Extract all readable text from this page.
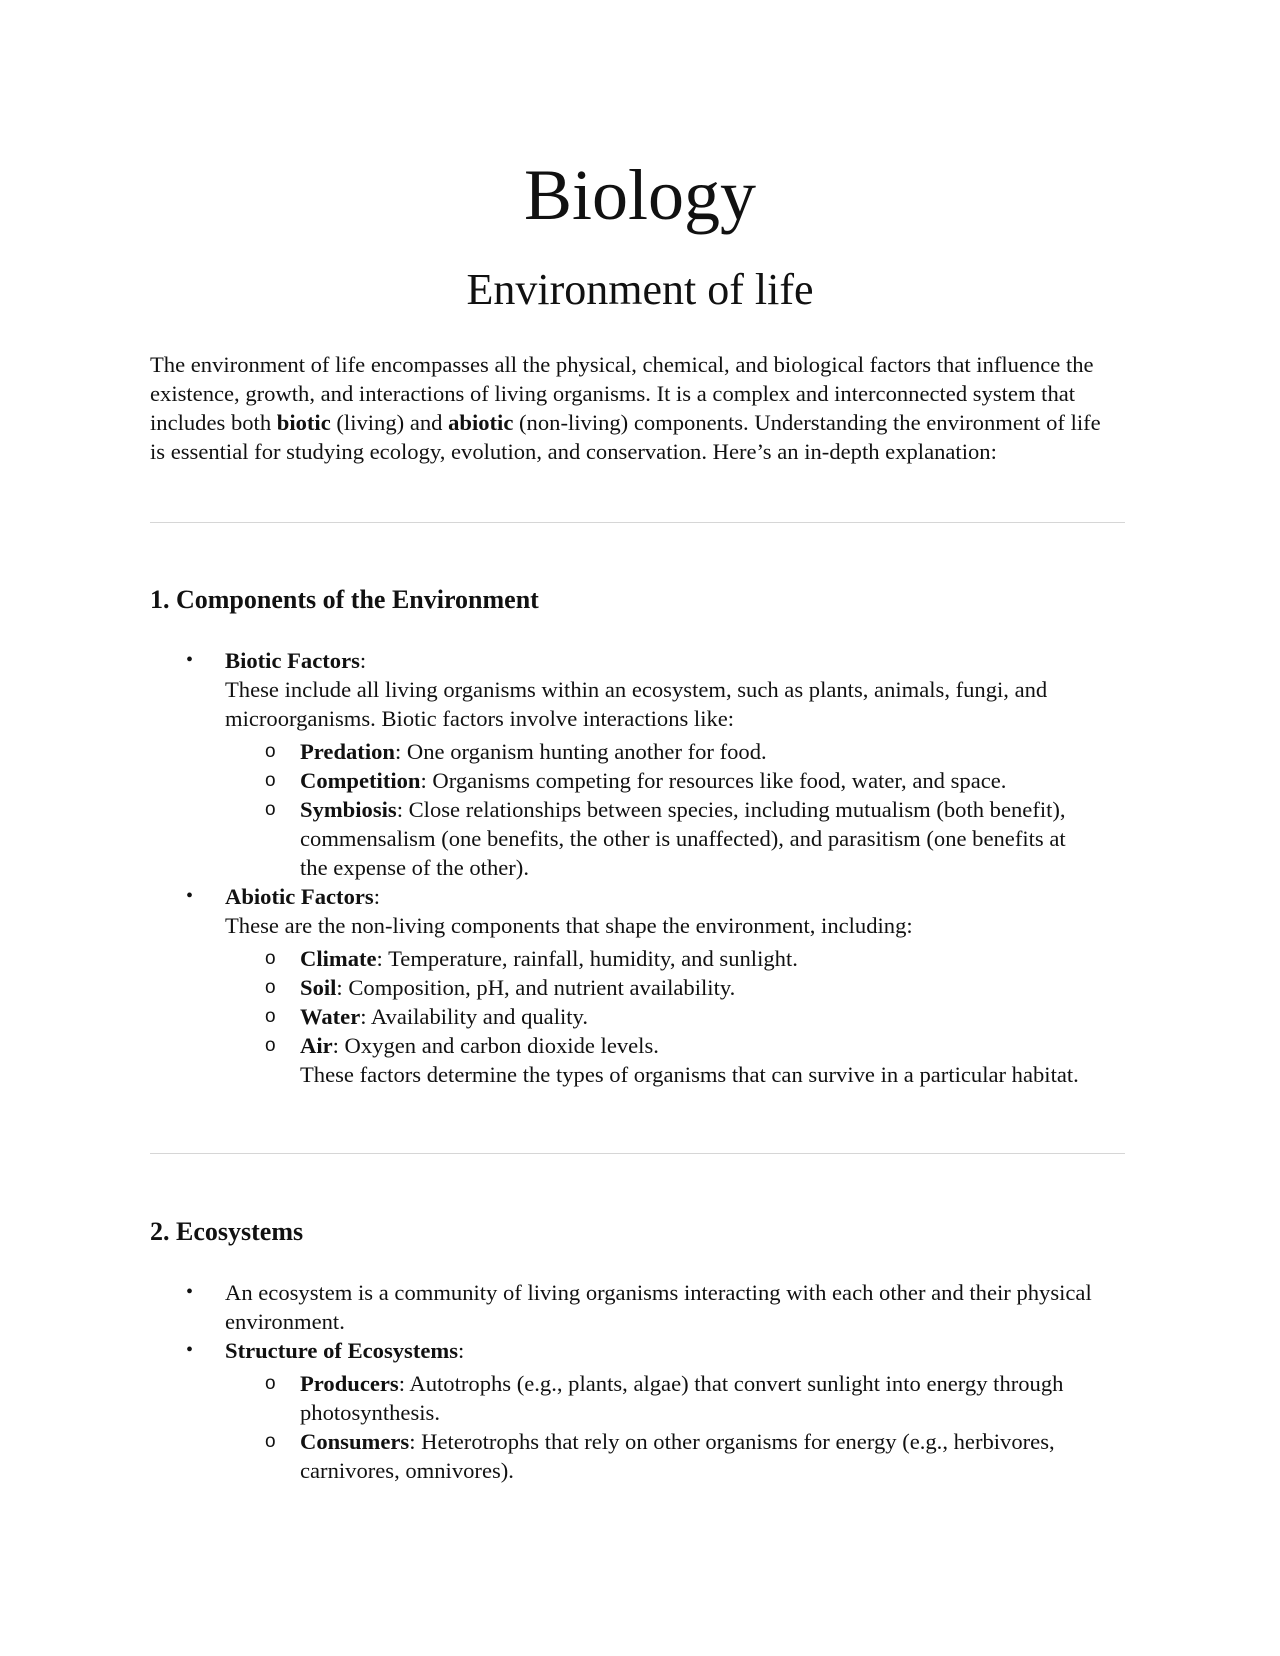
Biology
Environment of life

The environment of life encompasses all the physical, chemical, and biological factors that influence the existence, growth, and interactions of living organisms. It is a complex and interconnected system that includes both biotic (living) and abiotic (non-living) components. Understanding the environment of life is essential for studying ecology, evolution, and conservation. Here’s an in-depth explanation:

1. Components of the Environment
• Biotic Factors:
These include all living organisms within an ecosystem, such as plants, animals, fungi, and microorganisms. Biotic factors involve interactions like:
o Predation: One organism hunting another for food.
o Competition: Organisms competing for resources like food, water, and space.
o Symbiosis: Close relationships between species, including mutualism (both benefit), commensalism (one benefits, the other is unaffected), and parasitism (one benefits at the expense of the other).
• Abiotic Factors:
These are the non-living components that shape the environment, including:
o Climate: Temperature, rainfall, humidity, and sunlight.
o Soil: Composition, pH, and nutrient availability.
o Water: Availability and quality.
o Air: Oxygen and carbon dioxide levels.
These factors determine the types of organisms that can survive in a particular habitat.
2. Ecosystems
• An ecosystem is a community of living organisms interacting with each other and their physical environment.
• Structure of Ecosystems:
o Producers: Autotrophs (e.g., plants, algae) that convert sunlight into energy through photosynthesis.
o Consumers: Heterotrophs that rely on other organisms for energy (e.g., herbivores, carnivores, omnivores).
